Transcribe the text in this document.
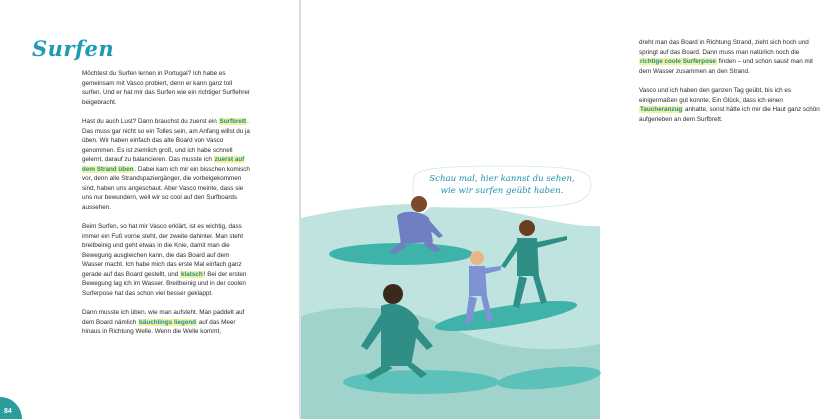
Surfen

Möchtest du Surfen lernen in Portugal? Ich habe es gemeinsam mit Vasco probiert, denn er kann ganz toll surfen. Und er hat mir das Surfen wie ein richtiger Surflehrer beigebracht.

Hast du auch Lust? Dann brauchst du zuerst ein Surfbrett. Das muss gar nicht so ein Tolles sein, am Anfang willst du ja üben. Wir haben einfach das alte Board von Vasco genommen. Es ist ziemlich groß, und ich habe schnell gelernt, darauf zu balancieren. Das musste ich zuerst auf dem Strand üben. Dabei kam ich mir ein bisschen komisch vor, denn alle Strandspaziergänger, die vorbeigekommen sind, haben uns angeschaut. Aber Vasco meinte, dass sie uns nur bewundern, weil wir so cool auf den Surfboards aussehen.

Beim Surfen, so hat mir Vasco erklärt, ist es wichtig, dass immer ein Fuß vorne steht, der zweite dahinter. Man steht breitbeinig und geht etwas in die Knie, damit man die Bewegung ausgleichen kann, die das Board auf dem Wasser macht. Ich habe mich das erste Mal einfach ganz gerade auf das Board gestellt, und klatsch! Bei der ersten Bewegung lag ich im Wasser. Breitbeinig und in der coolen Surferpose hat das schon viel besser geklappt.

Dann musste ich üben, wie man aufsteht. Man paddelt auf dem Board nämlich bäuchlings liegend auf das Meer hinaus in Richtung Welle. Wenn die Welle kommt,

84

dreht man das Board in Richtung Strand, zieht sich hoch und springt auf das Board. Dann muss man natürlich noch die richtige coole Surferpose finden – und schon saust man mit dem Wasser zusammen an den Strand.

Vasco und ich haben den ganzen Tag geübt, bis ich es einigermaßen gut konnte. Ein Glück, dass ich einen Taucheranzug anhatte, sonst hätte ich mir die Haut ganz schön aufgerieben an dem Surfbrett.

Schau mal, hier kannst du sehen,
wie wir surfen geübt haben.
